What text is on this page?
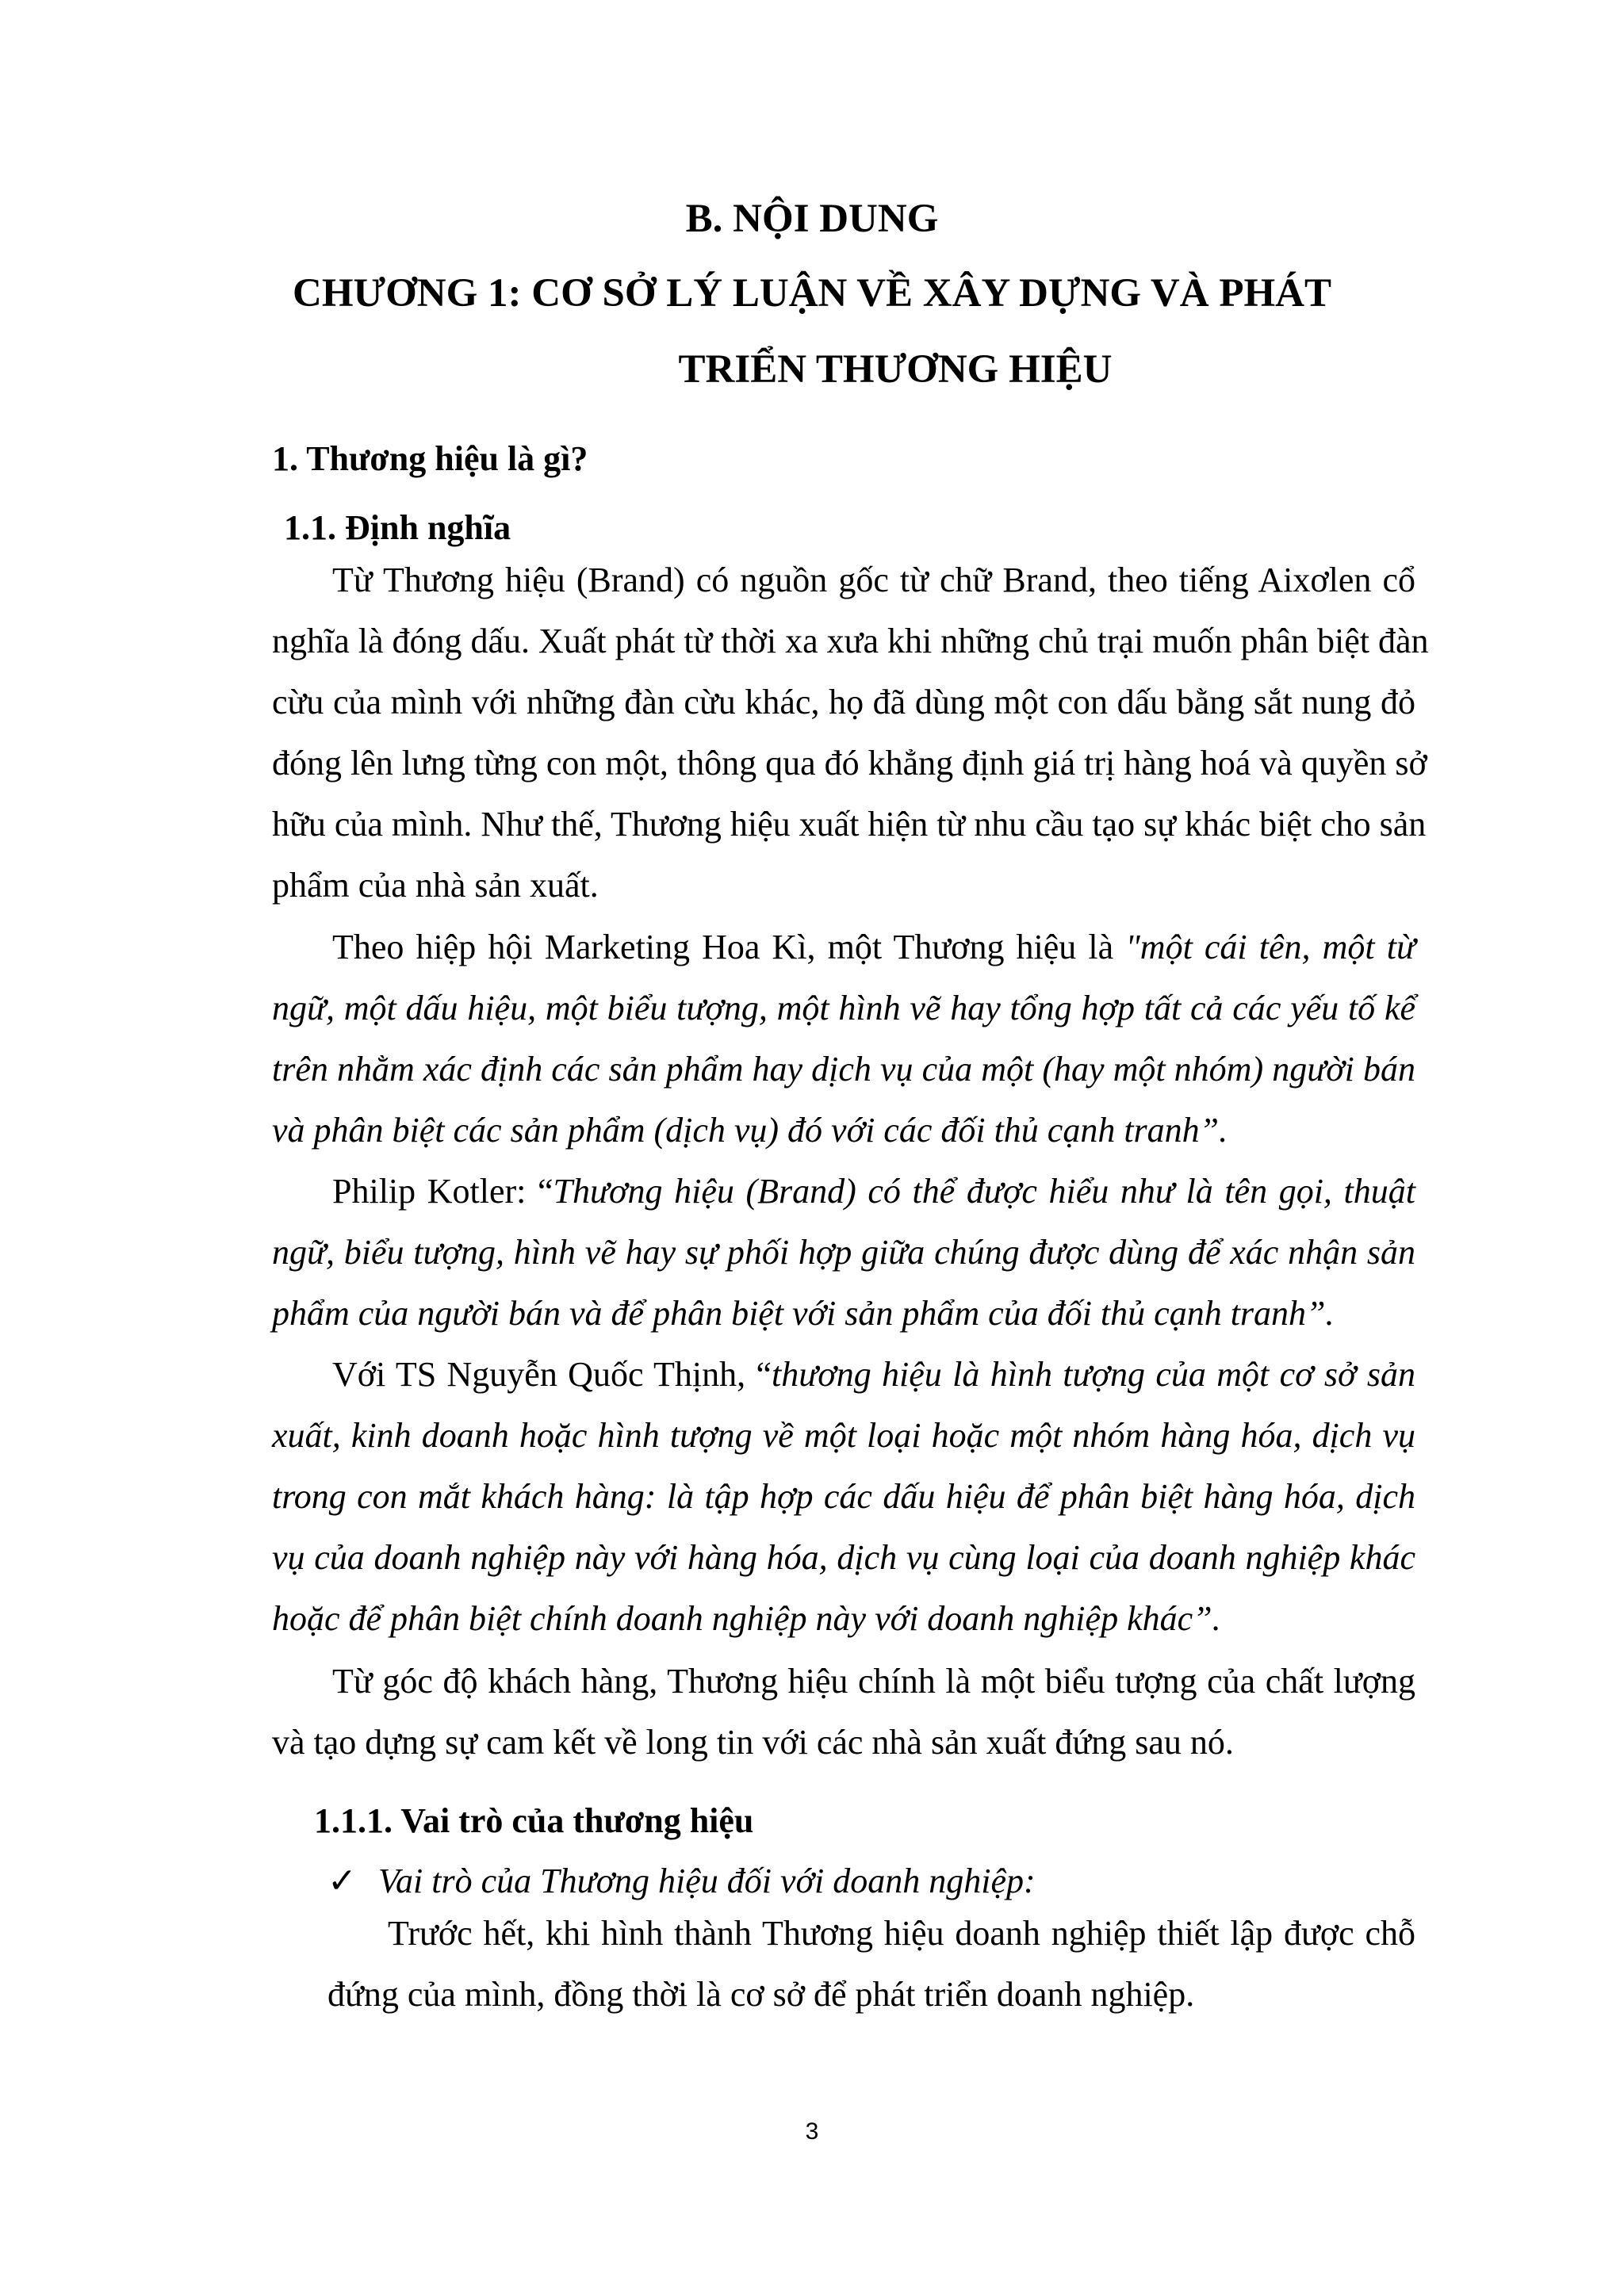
B. NỘI DUNG
CHƯƠNG 1: CƠ SỞ LÝ LUẬN VỀ XÂY DỰNG VÀ PHÁT
TRIỂN THƯƠNG HIỆU
1. Thương hiệu là gì?
1.1. Định nghĩa
Từ Thương hiệu (Brand) có nguồn gốc từ chữ Brand, theo tiếng Aixơlen cổ
nghĩa là đóng dấu. Xuất phát từ thời xa xưa khi những chủ trại muốn phân biệt đàn
cừu của mình với những đàn cừu khác, họ đã dùng một con dấu bằng sắt nung đỏ
đóng lên lưng từng con một, thông qua đó khẳng định giá trị hàng hoá và quyền sở
hữu của mình. Như thế, Thương hiệu xuất hiện từ nhu cầu tạo sự khác biệt cho sản
phẩm của nhà sản xuất.
Theo hiệp hội Marketing Hoa Kì, một Thương hiệu là "một cái tên, một từ
ngữ, một dấu hiệu, một biểu tượng, một hình vẽ hay tổng hợp tất cả các yếu tố kể
trên nhằm xác định các sản phẩm hay dịch vụ của một (hay một nhóm) người bán
và phân biệt các sản phẩm (dịch vụ) đó với các đối thủ cạnh tranh”.
Philip Kotler: “Thương hiệu (Brand) có thể được hiểu như là tên gọi, thuật
ngữ, biểu tượng, hình vẽ hay sự phối hợp giữa chúng được dùng để xác nhận sản
phẩm của người bán và để phân biệt với sản phẩm của đối thủ cạnh tranh”.
Với TS Nguyễn Quốc Thịnh, “thương hiệu là hình tượng của một cơ sở sản
xuất, kinh doanh hoặc hình tượng về một loại hoặc một nhóm hàng hóa, dịch vụ
trong con mắt khách hàng: là tập hợp các dấu hiệu để phân biệt hàng hóa, dịch
vụ của doanh nghiệp này với hàng hóa, dịch vụ cùng loại của doanh nghiệp khác
hoặc để phân biệt chính doanh nghiệp này với doanh nghiệp khác”.
Từ góc độ khách hàng, Thương hiệu chính là một biểu tượng của chất lượng
và tạo dựng sự cam kết về long tin với các nhà sản xuất đứng sau nó.
1.1.1. Vai trò của thương hiệu
✓ Vai trò của Thương hiệu đối với doanh nghiệp:
Trước hết, khi hình thành Thương hiệu doanh nghiệp thiết lập được chỗ
đứng của mình, đồng thời là cơ sở để phát triển doanh nghiệp.
3
